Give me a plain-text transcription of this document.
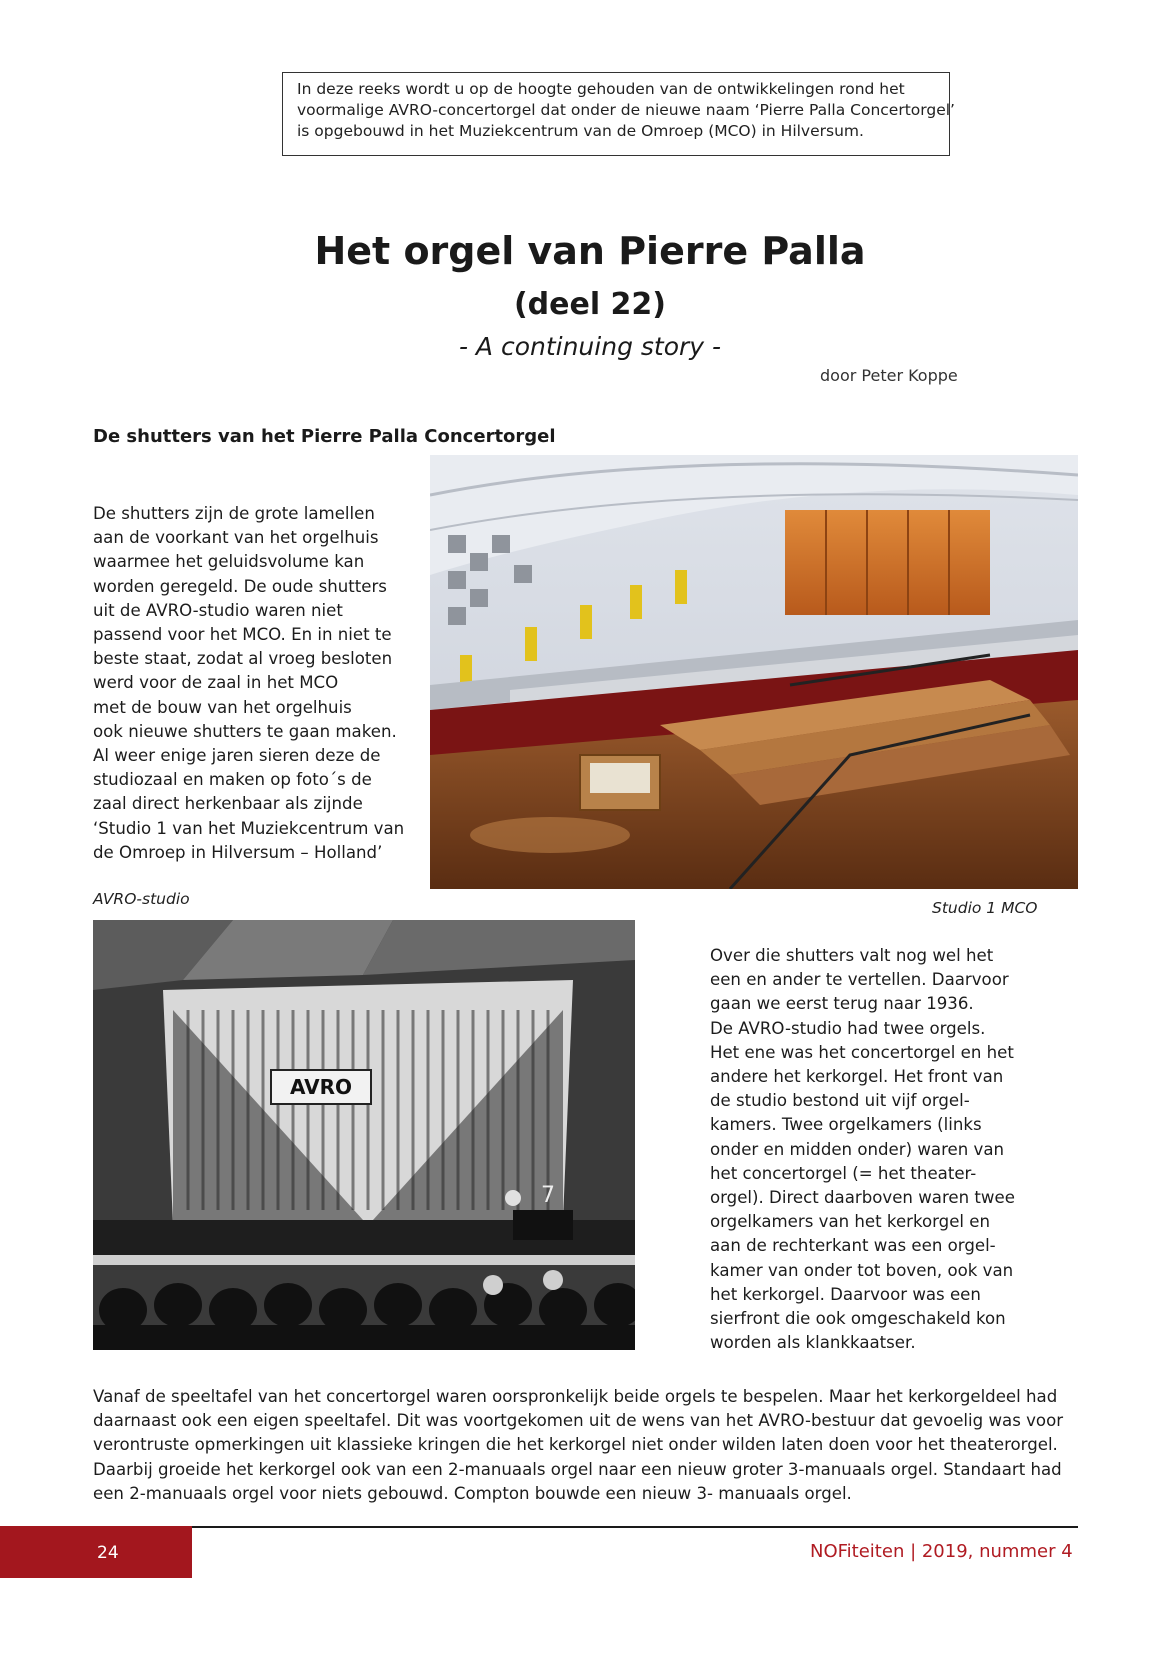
In deze reeks wordt u op de hoogte gehouden van de ontwikkelingen rond het
voormalige AVRO-concertorgel dat onder de nieuwe naam ‘Pierre Palla Concertorgel’
is opgebouwd in het Muziekcentrum van de Omroep (MCO) in Hilversum.
Het orgel van Pierre Palla
(deel 22)
- A continuing story -
door Peter Koppe
De shutters van het Pierre Palla Concertorgel
De shutters zijn de grote lamellen
aan de voorkant van het orgelhuis
waarmee het geluidsvolume kan
worden geregeld. De oude shutters
uit de AVRO-studio waren niet
passend voor het MCO. En in niet te
beste staat, zodat al vroeg besloten
werd voor de zaal in het MCO
met de bouw van het orgelhuis
ook nieuwe shutters te gaan maken.
Al weer enige jaren sieren deze de
studiozaal en maken op foto´s de
zaal direct herkenbaar als zijnde
‘Studio 1 van het Muziekcentrum van
de Omroep in Hilversum – Holland’
AVRO-studio	Studio 1 MCO
AVRO
7
Over die shutters valt nog wel het
een en ander te vertellen. Daarvoor
gaan we eerst terug naar 1936.
De AVRO-studio had twee orgels.
Het ene was het concertorgel en het
andere het kerkorgel. Het front van
de studio bestond uit vijf orgel-
kamers. Twee orgelkamers (links
onder en midden onder) waren van
het concertorgel (= het theater-
orgel). Direct daarboven waren twee
orgelkamers van het kerkorgel en
aan de rechterkant was een orgel-
kamer van onder tot boven, ook van
het kerkorgel. Daarvoor was een
sierfront die ook omgeschakeld kon
worden als klankkaatser.
Vanaf de speeltafel van het concertorgel waren oorspronkelijk beide orgels te bespelen. Maar het kerkorgeldeel had
daarnaast ook een eigen speeltafel. Dit was voortgekomen uit de wens van het AVRO-bestuur dat gevoelig was voor
verontruste opmerkingen uit klassieke kringen die het kerkorgel niet onder wilden laten doen voor het theaterorgel.
Daarbij groeide het kerkorgel ook van een 2-manuaals orgel naar een nieuw groter 3-manuaals orgel. Standaart had
een 2-manuaals orgel voor niets gebouwd. Compton bouwde een nieuw 3- manuaals orgel.
24	NOFiteiten | 2019, nummer 4
